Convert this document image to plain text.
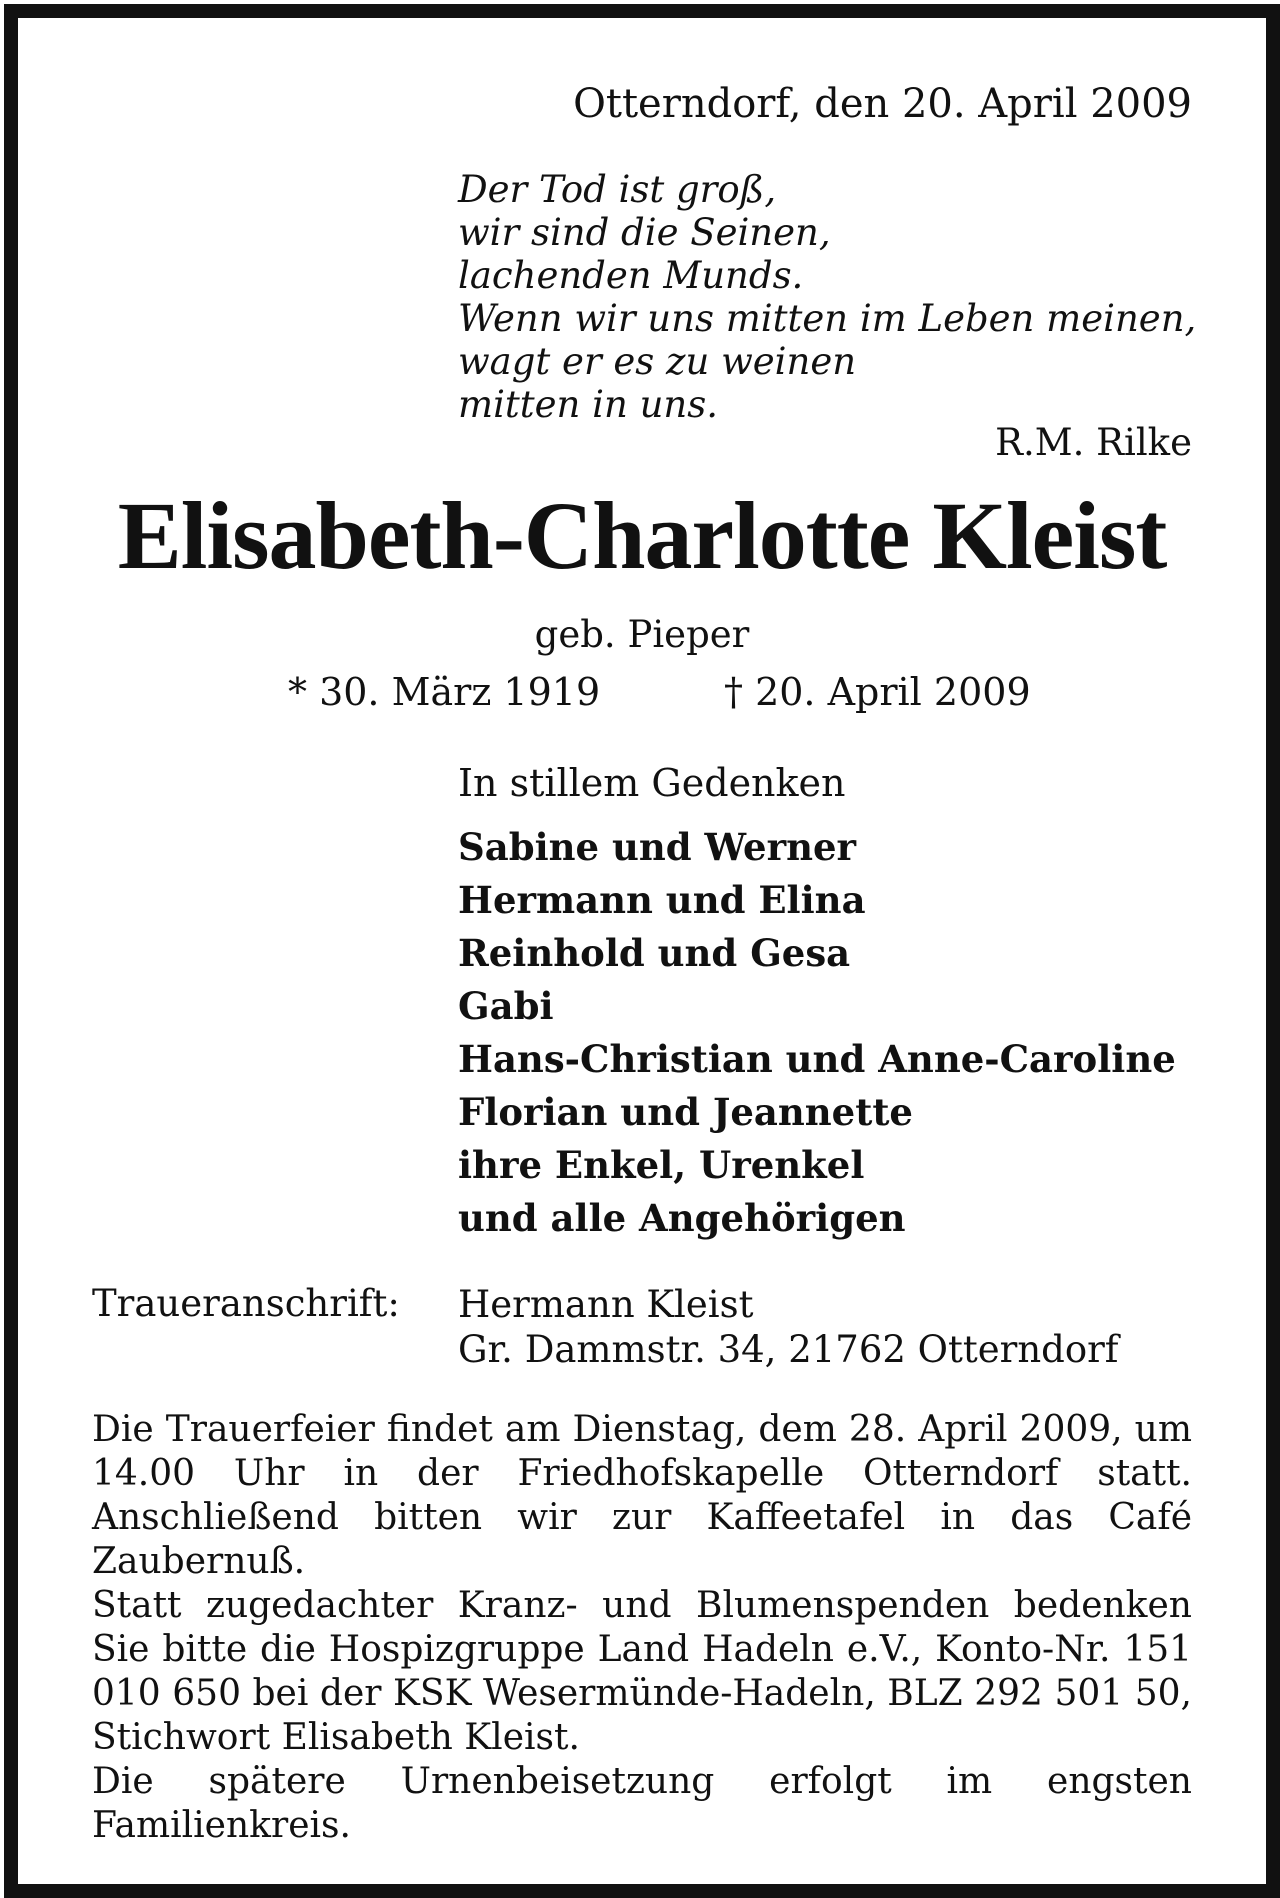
Otterndorf, den 20. April 2009
Der Tod ist groß,
wir sind die Seinen,
lachenden Munds.
Wenn wir uns mitten im Leben meinen,
wagt er es zu weinen
mitten in uns.
R.M. Rilke
Elisabeth-Charlotte Kleist
geb. Pieper
* 30. März 1919	† 20. April 2009
In stillem Gedenken
Sabine und Werner
Hermann und Elina
Reinhold und Gesa
Gabi
Hans-Christian und Anne-Caroline
Florian und Jeannette
ihre Enkel, Urenkel
und alle Angehörigen
Traueranschrift: Hermann Kleist
Gr. Dammstr. 34, 21762 Otterndorf

Die Trauerfeier findet am Dienstag, dem 28. April 2009, um 14.00 Uhr in der Friedhofskapelle Otterndorf statt. Anschließend bitten wir zur Kaffeetafel in das Café Zaubernuß.

Statt zugedachter Kranz- und Blumenspenden bedenken Sie bitte die Hospizgruppe Land Hadeln e.V., Konto-Nr. 151 010 650 bei der KSK Wesermünde-Hadeln, BLZ 292 501 50, Stichwort Elisabeth Kleist.

Die spätere Urnenbeisetzung erfolgt im engsten Familienkreis.
